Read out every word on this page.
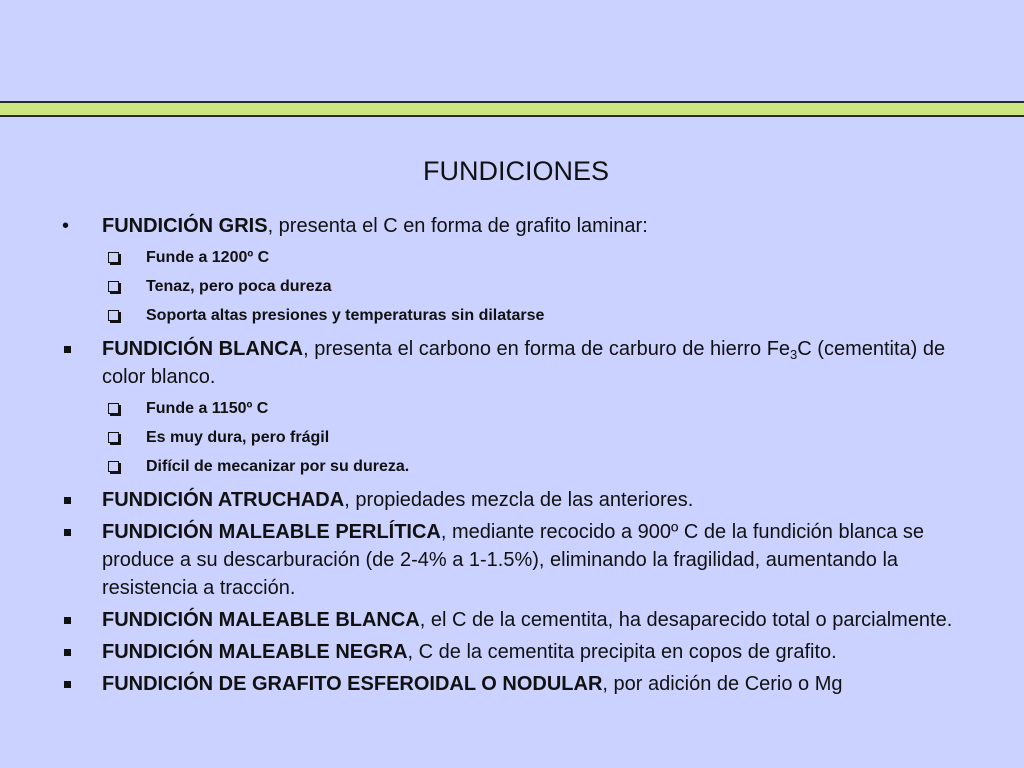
FUNDICIONES
FUNDICIÓN GRIS, presenta el C en forma de grafito laminar:
Funde a 1200º C
Tenaz, pero poca dureza
Soporta altas presiones y temperaturas sin dilatarse
FUNDICIÓN BLANCA, presenta el carbono en forma de carburo de hierro $Fe_3C$ (cementita) de color blanco.
Funde a 1150º C
Es muy dura, pero frágil
Difícil de mecanizar por su dureza.
FUNDICIÓN ATRUCHADA, propiedades mezcla de las anteriores.
FUNDICIÓN MALEABLE PERLÍTICA, mediante recocido a 900º C de la fundición blanca se produce a su descarburación (de 2-4% a 1-1.5%), eliminando la fragilidad, aumentando la resistencia a tracción.
FUNDICIÓN MALEABLE BLANCA, el C de la cementita, ha desaparecido total o parcialmente.
FUNDICIÓN MALEABLE NEGRA, C de la cementita precipita en copos de grafito.
FUNDICIÓN DE GRAFITO ESFEROIDAL O NODULAR, por adición de Cerio o Mg
